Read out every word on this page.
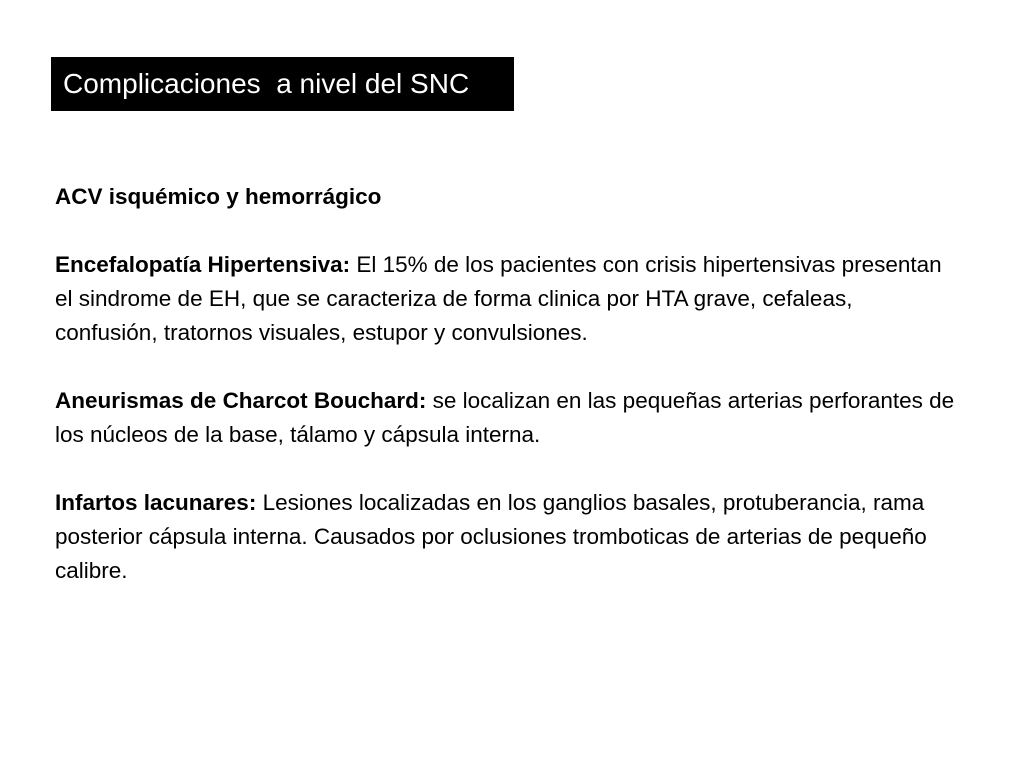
Complicaciones  a nivel del SNC

ACV isquémico y hemorrágico

Encefalopatía Hipertensiva: El 15% de los pacientes con crisis hipertensivas presentan el sindrome de EH, que se caracteriza de forma clinica por HTA grave, cefaleas, confusión, tratornos visuales, estupor y convulsiones.

Aneurismas de Charcot Bouchard: se localizan en las pequeñas arterias perforantes de los núcleos de la base, tálamo y cápsula interna.

Infartos lacunares: Lesiones localizadas en los ganglios basales, protuberancia, rama posterior cápsula interna. Causados por oclusiones tromboticas de arterias de pequeño calibre.
